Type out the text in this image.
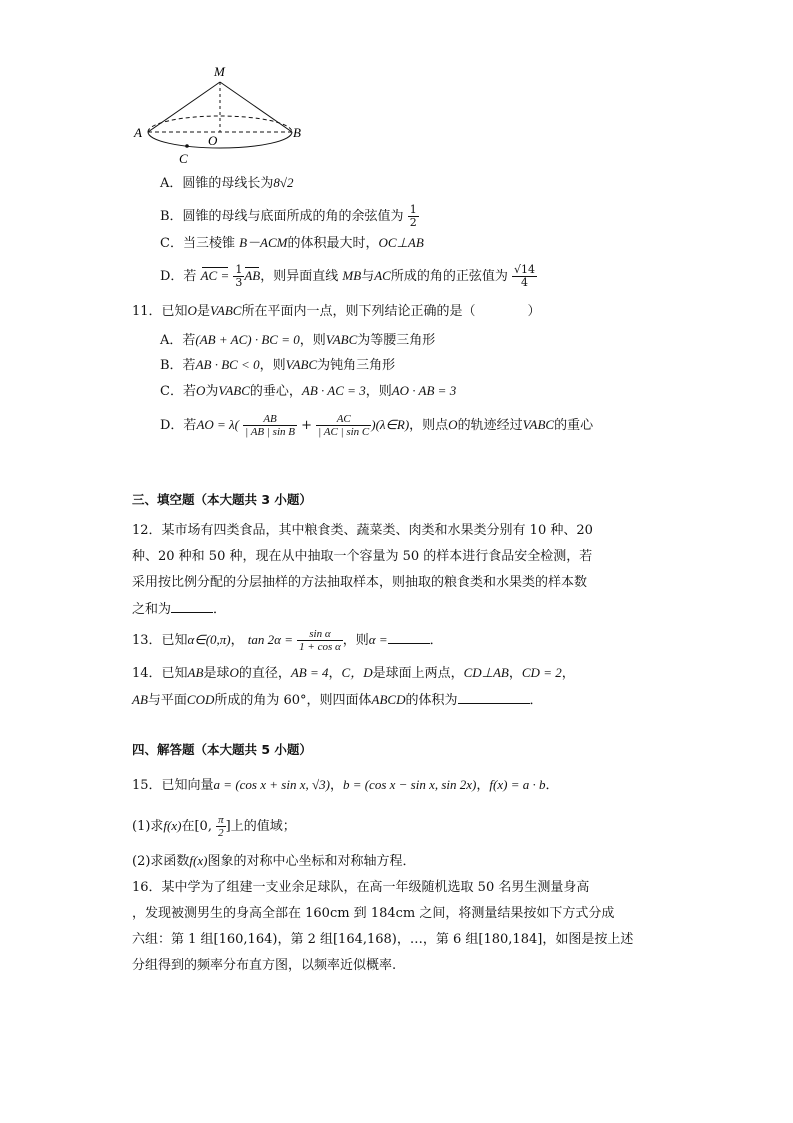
M
A	B
O
C
A．圆锥的母线长为8√2
B．圆锥的母线与底面所成的角的余弦值为 $\frac{1}{2}$
C．当三棱锥 B－ACM的体积最大时，OC⊥AB
D．若 AC = $\frac{1}{3}$ AB，则异面直线 MB与AC所成的角的正弦值为 $\frac{√14}{4}$
11．已知O是VABC所在平面内一点，则下列结论正确的是（　　　　）
A．若(AB + AC) · BC = 0，则VABC为等腰三角形
B．若AB · BC < 0，则VABC为钝角三角形
C．若O为VABC的垂心，AB · AC = 3，则AO · AB = 3
D．若AO = $\lambda( \frac{AB}{\text{| AB | sin B}} + \frac{AC}{\text{| AC | sin C}}$ )(λ∈R)，则点O的轨迹经过VABC的重心
三、填空题（本大题共 3 小题）
12．某市场有四类食品，其中粮食类、蔬菜类、肉类和水果类分别有 10 种、20
种、20 种和 50 种，现在从中抽取一个容量为 50 的样本进行食品安全检测，若
采用按比例分配的分层抽样的方法抽取样本，则抽取的粮食类和水果类的样本数
之和为	．
13．已知α∈(0,π)， $\tan 2\alpha = \frac{\text{sin α}}{\text{1 + cos α}}$ ，则α =	．
14．已知AB是球O的直径，AB = 4，C，D是球面上两点，CD⊥AB，CD = 2，
AB与平面COD所成的角为 60°，则四面体ABCD的体积为	．
四、解答题（本大题共 5 小题）
15．已知向量a = (cos x + sin x, √3)，b = (cos x − sin x, sin 2x)，f(x) = a · b．
(1)求f(x)在[0, $\frac{\pi}{2}$ ]上的值域；
(2)求函数f(x)图象的对称中心坐标和对称轴方程．
16．某中学为了组建一支业余足球队，在高一年级随机选取 50 名男生测量身高
，发现被测男生的身高全部在 160cm 到 184cm 之间，将测量结果按如下方式分成
六组：第 1 组[160,164)，第 2 组[164,168)，…，第 6 组[180,184]，如图是按上述
分组得到的频率分布直方图，以频率近似概率.
